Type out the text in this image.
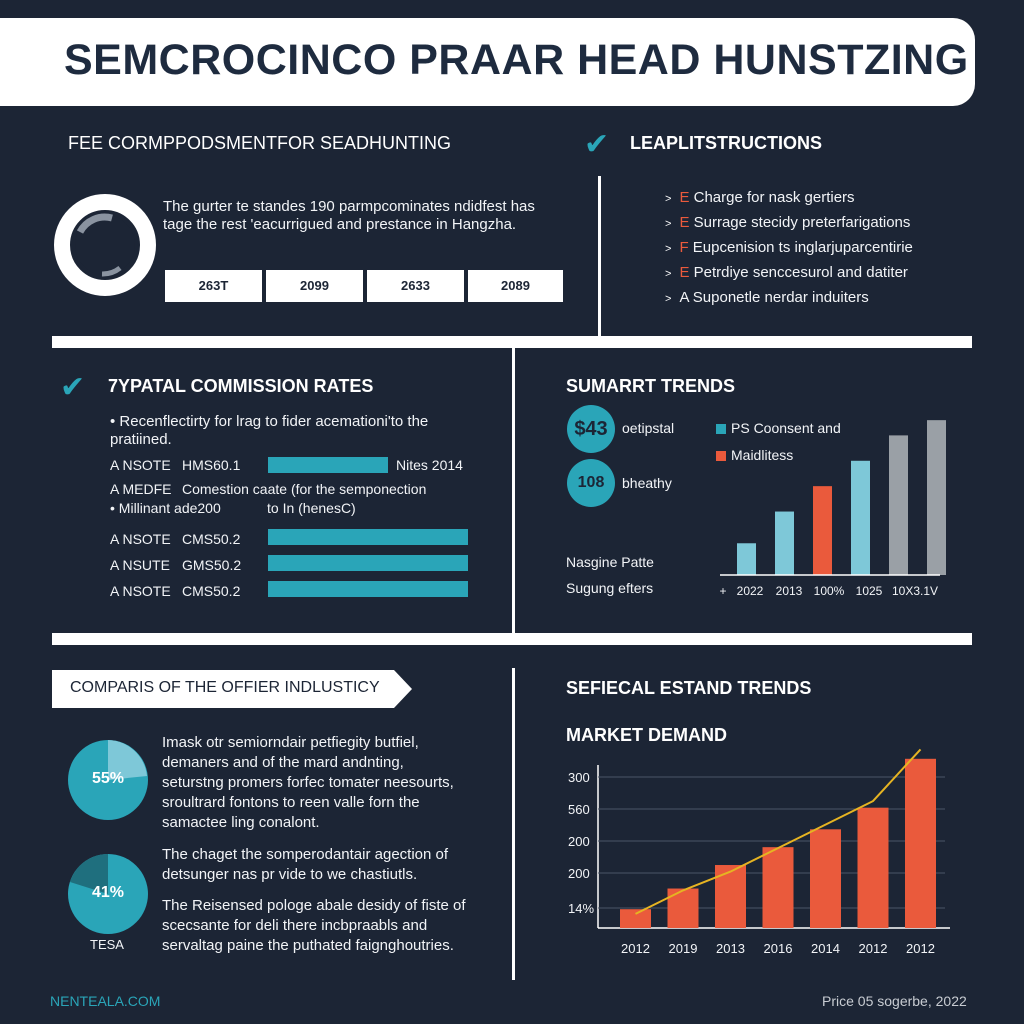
SEMCROCINCO PRAAR HEAD HUNSTZING
FEE CORMPPODSMENTFOR SEADHUNTING
The gurter te standes 190 parmpcominates ndidfest has
tage the rest 'eacurrigued and prestance in Hangzha.
263T	2099	2633	2089
✔ LEAPLITSTRUCTIONS
> E Charge for nask gertiers
> E Surrage stecidy preterfarigations
> F Eupcenision ts inglarjuparcentirie
> E Petrdiye senccesurol and datiter
> A Suponetle nerdar induiters
✔ 7YPATAL COMMISSION RATES
• Recenflectirty for lrag to fider acemationi'to the
pratiined.
A NSOTE HMS60.1	Nites 2014
A MEDFE Comestion caate (for the semponection
• Millinant ade200	to In (henesC)
A NSOTE CMS50.2
A NSUTE GMS50.2
A NSOTE CMS50.2
SUMARRT TRENDS
$43	oetipstal
108	bheathy
PS Coonsent and
Maidlitess
Nasgine Patte
Sugung efters	+ 2022 2013 100% 1025 10X3.1V
COMPARIS OF THE OFFIER INDLUSTICY
55%
41%
TESA
Imask otr semiorndair petfiegity butfiel,
demaners and of the mard andnting,
seturstng promers forfec tomater neesourts,
sroultrard fontons to reen valle forn the
samactee ling conalont.
The chaget the somperodantair agection of
detsunger nas pr vide to we chastiutls.
The Reisensed pologe abale desidy of fiste of
scecsante for deli there incbpraabls and
servaltag paine the puthated faignghoutries.
SEFIECAL ESTAND TRENDS
MARKET DEMAND
300
560
200
200
14%
2012 2019 2013 2016 2014 2012 2012
NENTEALA.COM	Price 05 sogerbe, 2022
